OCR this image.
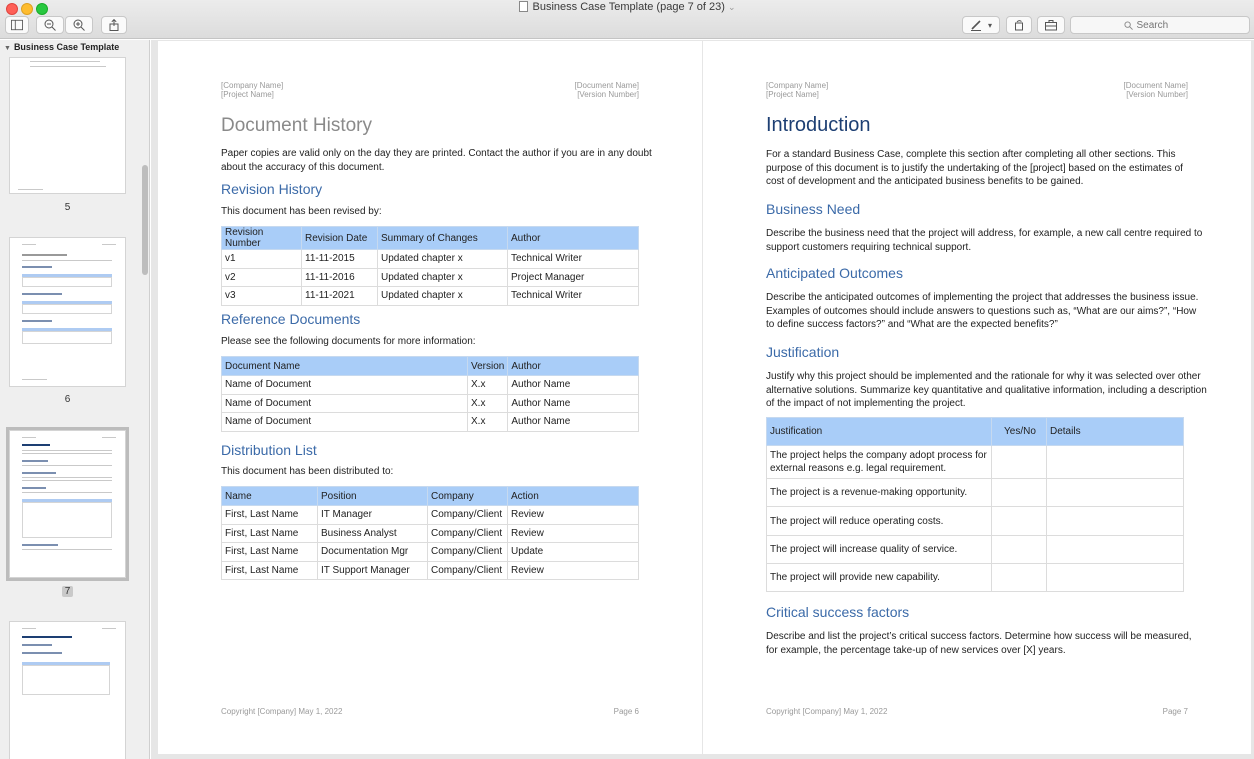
Business Case Template (page 7 of 23) ⌄
▾
Search
▼ Business Case Template
5
6
7
[Company Name]
[Project Name]
[Document Name]
[Version Number]
Document History
Paper copies are valid only on the day they are printed. Contact the author if you are in any doubt
about the accuracy of this document.
Revision History
This document has been revised by:
Revision Number	Revision Date	Summary of Changes	Author
v1	11-11-2015	Updated chapter x	Technical Writer
v2	11-11-2016	Updated chapter x	Project Manager
v3	11-11-2021	Updated chapter x	Technical Writer
Reference Documents
Please see the following documents for more information:
Document Name	Version	Author
Name of Document	X.x	Author Name
Name of Document	X.x	Author Name
Name of Document	X.x	Author Name
Distribution List
This document has been distributed to:
Name	Position	Company	Action
First, Last Name	IT Manager	Company/Client	Review
First, Last Name	Business Analyst	Company/Client	Review
First, Last Name	Documentation Mgr	Company/Client	Update
First, Last Name	IT Support Manager	Company/Client	Review
Copyright [Company] May 1, 2022	Page 6
[Company Name]
[Project Name]
[Document Name]
[Version Number]
Introduction
For a standard Business Case, complete this section after completing all other sections. This
purpose of this document is to justify the undertaking of the [project] based on the estimates of
cost of development and the anticipated business benefits to be gained.
Business Need
Describe the business need that the project will address, for example, a new call centre required to
support customers requiring technical support.
Anticipated Outcomes
Describe the anticipated outcomes of implementing the project that addresses the business issue.
Examples of outcomes should include answers to questions such as, “What are our aims?”, “How
to define success factors?” and “What are the expected benefits?”
Justification
Justify why this project should be implemented and the rationale for why it was selected over other
alternative solutions. Summarize key quantitative and qualitative information, including a description
of the impact of not implementing the project.
Justification	Yes/No	Details
The project helps the company adopt process for external reasons e.g. legal requirement.		
The project is a revenue-making opportunity.		
The project will reduce operating costs.		
The project will increase quality of service.		
The project will provide new capability.		
Critical success factors
Describe and list the project’s critical success factors. Determine how success will be measured,
for example, the percentage take-up of new services over [X] years.
Copyright [Company] May 1, 2022	Page 7
